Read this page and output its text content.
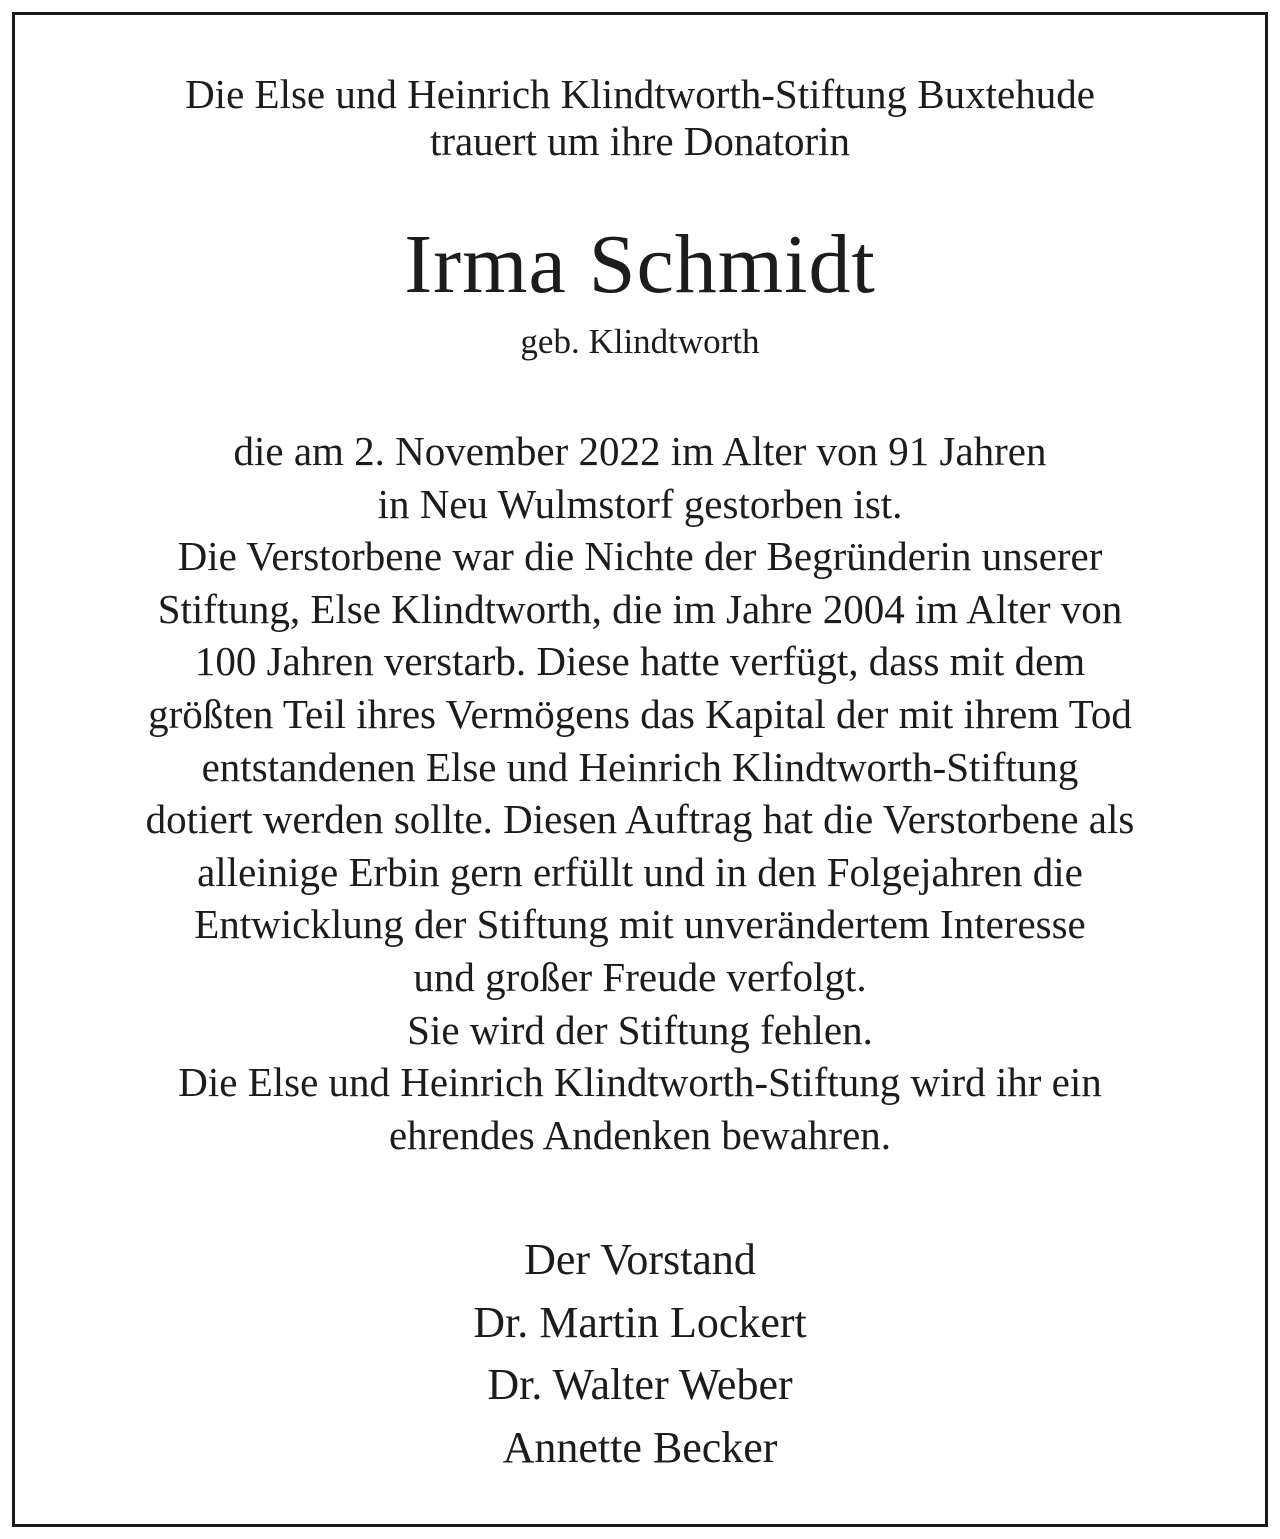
Die Else und Heinrich Klindtworth-Stiftung Buxtehude
trauert um ihre Donatorin
Irma Schmidt
geb. Klindtworth
die am 2. November 2022 im Alter von 91 Jahren
in Neu Wulmstorf gestorben ist.
Die Verstorbene war die Nichte der Begründerin unserer
Stiftung, Else Klindtworth, die im Jahre 2004 im Alter von
100 Jahren verstarb. Diese hatte verfügt, dass mit dem
größten Teil ihres Vermögens das Kapital der mit ihrem Tod
entstandenen Else und Heinrich Klindtworth-Stiftung
dotiert werden sollte. Diesen Auftrag hat die Verstorbene als
alleinige Erbin gern erfüllt und in den Folgejahren die
Entwicklung der Stiftung mit unverändertem Interesse
und großer Freude verfolgt.
Sie wird der Stiftung fehlen.
Die Else und Heinrich Klindtworth-Stiftung wird ihr ein
ehrendes Andenken bewahren.
Der Vorstand
Dr. Martin Lockert
Dr. Walter Weber
Annette Becker
